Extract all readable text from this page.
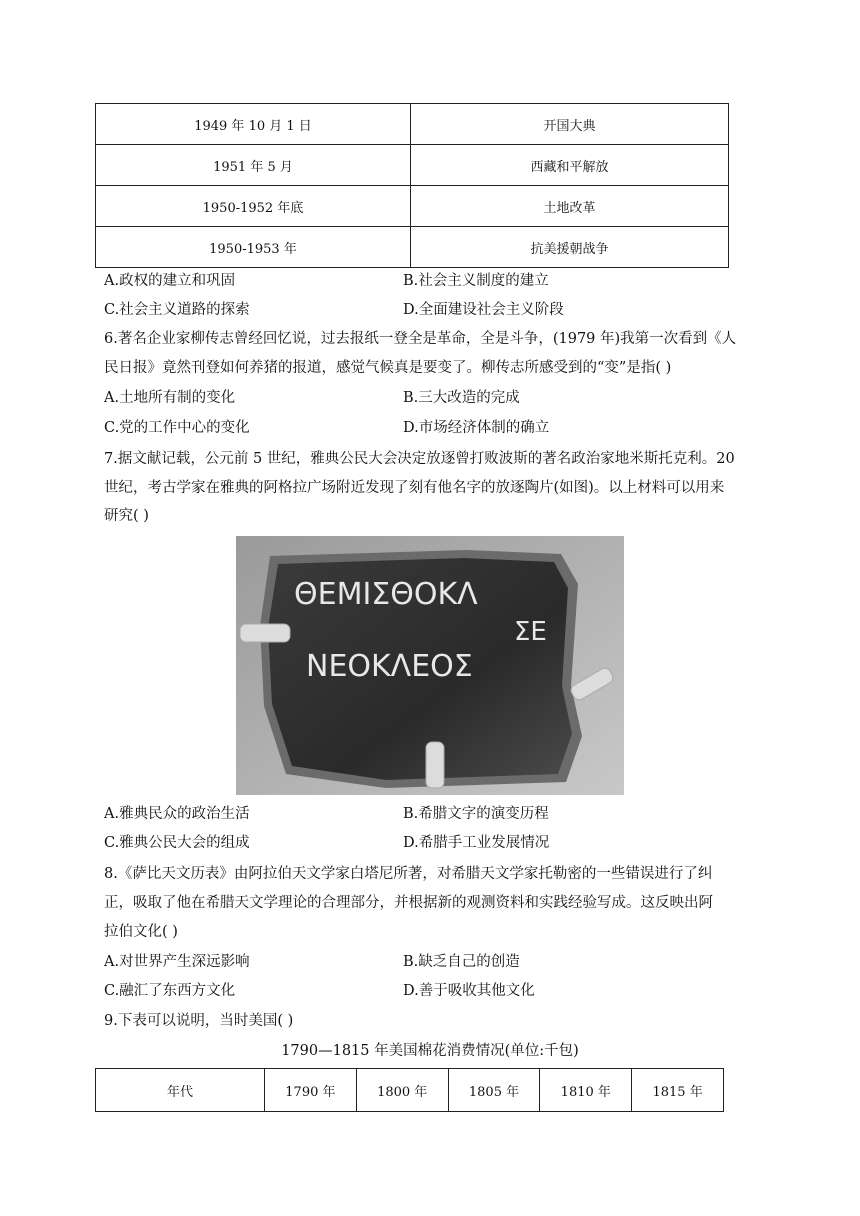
1949 年 10 月 1 日	开国大典
1951 年 5 月	西藏和平解放
1950-1952 年底	土地改革
1950-1953 年	抗美援朝战争
A.政权的建立和巩固	B.社会主义制度的建立
C.社会主义道路的探索	D.全面建设社会主义阶段
6.著名企业家柳传志曾经回忆说，过去报纸一登全是革命，全是斗争，(1979 年)我第一次看到《人
民日报》竟然刊登如何养猪的报道，感觉气候真是要变了。柳传志所感受到的“变”是指( )
A.土地所有制的变化	B.三大改造的完成
C.党的工作中心的变化	D.市场经济体制的确立
7.据文献记载，公元前 5 世纪，雅典公民大会决定放逐曾打败波斯的著名政治家地米斯托克利。20
世纪，考古学家在雅典的阿格拉广场附近发现了刻有他名字的放逐陶片(如图)。以上材料可以用来
研究( )
ΘΕΜΙΣΘΟΚΛ
ΣΕ
ΝΕΟΚΛΕΟΣ
A.雅典民众的政治生活	B.希腊文字的演变历程
C.雅典公民大会的组成	D.希腊手工业发展情况
8.《萨比天文历表》由阿拉伯天文学家白塔尼所著，对希腊天文学家托勒密的一些错误进行了纠
正，吸取了他在希腊天文学理论的合理部分，并根据新的观测资料和实践经验写成。这反映出阿
拉伯文化( )
A.对世界产生深远影响	B.缺乏自己的创造
C.融汇了东西方文化	D.善于吸收其他文化
9.下表可以说明，当时美国( )
1790—1815 年美国棉花消费情况(单位:千包)
年代	1790 年	1800 年	1805 年	1810 年	1815 年
